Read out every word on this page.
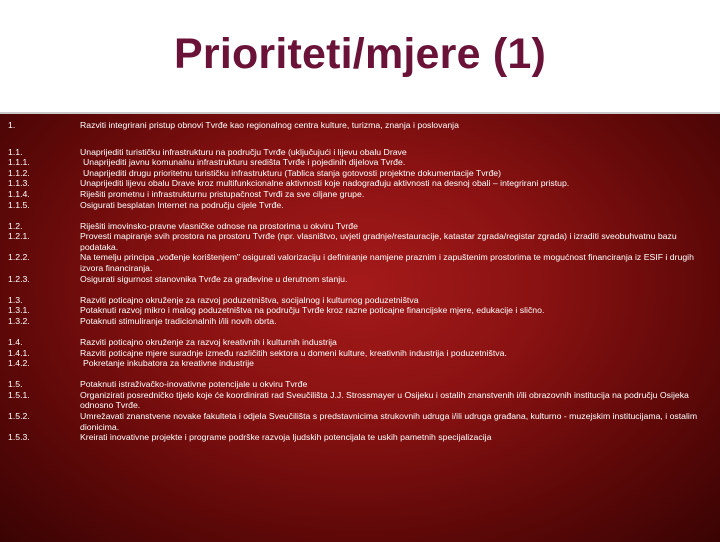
Prioriteti/mjere (1)
1.	Razviti integrirani pristup obnovi Tvrđe kao regionalnog centra kulture, turizma, znanja i poslovanja
1.1.	Unaprijediti turističku infrastrukturu na području Tvrđe (uključujući i lijevu obalu Drave
1.1.1.	Unaprijediti javnu komunalnu infrastrukturu središta Tvrđe i pojedinih dijelova Tvrđe.
1.1.2.	Unaprijediti drugu prioritetnu turističku infrastrukturu (Tablica stanja gotovosti projektne dokumentacije Tvrđe)
1.1.3.	Unaprijediti lijevu obalu Drave kroz multifunkcionalne aktivnosti koje nadograđuju aktivnosti na desnoj obali – integrirani pristup.
1.1.4.	Riješiti prometnu i infrastrukturnu pristupačnost Tvrđi za sve ciljane grupe.
1.1.5.	Osigurati besplatan Internet na području cijele Tvrđe.
1.2.	Riješiti imovinsko-pravne vlasničke odnose na prostorima u okviru Tvrđe
1.2.1.	Provesti mapiranje svih prostora na prostoru Tvrđe (npr. vlasništvo, uvjeti gradnje/restauracije, katastar zgrada/registar zgrada) i izraditi sveobuhvatnu bazu podataka.
1.2.2.	Na temelju principa „vođenje korištenjem" osigurati valorizaciju i definiranje namjene praznim i zapuštenim prostorima te mogućnost financiranja iz ESIF i drugih izvora financiranja.
1.2.3.	Osigurati sigurnost stanovnika Tvrđe za građevine u derutnom stanju.
1.3.	Razviti poticajno okruženje za razvoj poduzetništva, socijalnog i kulturnog poduzetništva
1.3.1.	Potaknuti razvoj mikro i malog poduzetništva na području Tvrđe kroz razne poticajne financijske mjere, edukacije i slično.
1.3.2.	Potaknuti stimuliranje tradicionalnih i/ili novih obrta.
1.4.	Razviti poticajno okruženje za razvoj kreativnih i kulturnih industrija
1.4.1.	Razviti poticajne mjere suradnje između različitih sektora u domeni kulture, kreativnih industrija i poduzetništva.
1.4.2.	Pokretanje inkubatora za kreativne industrije
1.5.	Potaknuti istraživačko-inovativne potencijale u okviru Tvrđe
1.5.1.	Organizirati posredničko tijelo koje će koordinirati rad Sveučilišta J.J. Strossmayer u Osijeku i ostalih znanstvenih i/ili obrazovnih institucija na području Osijeka odnosno Tvrđe.
1.5.2.	Umrežavati znanstvene novake fakulteta i odjela Sveučilišta s predstavnicima strukovnih udruga i/ili udruga građana, kulturno - muzejskim institucijama, i ostalim dionicima.
1.5.3.	Kreirati inovativne projekte i programe podrške razvoja ljudskih potencijala te uskih pametnih specijalizacija
